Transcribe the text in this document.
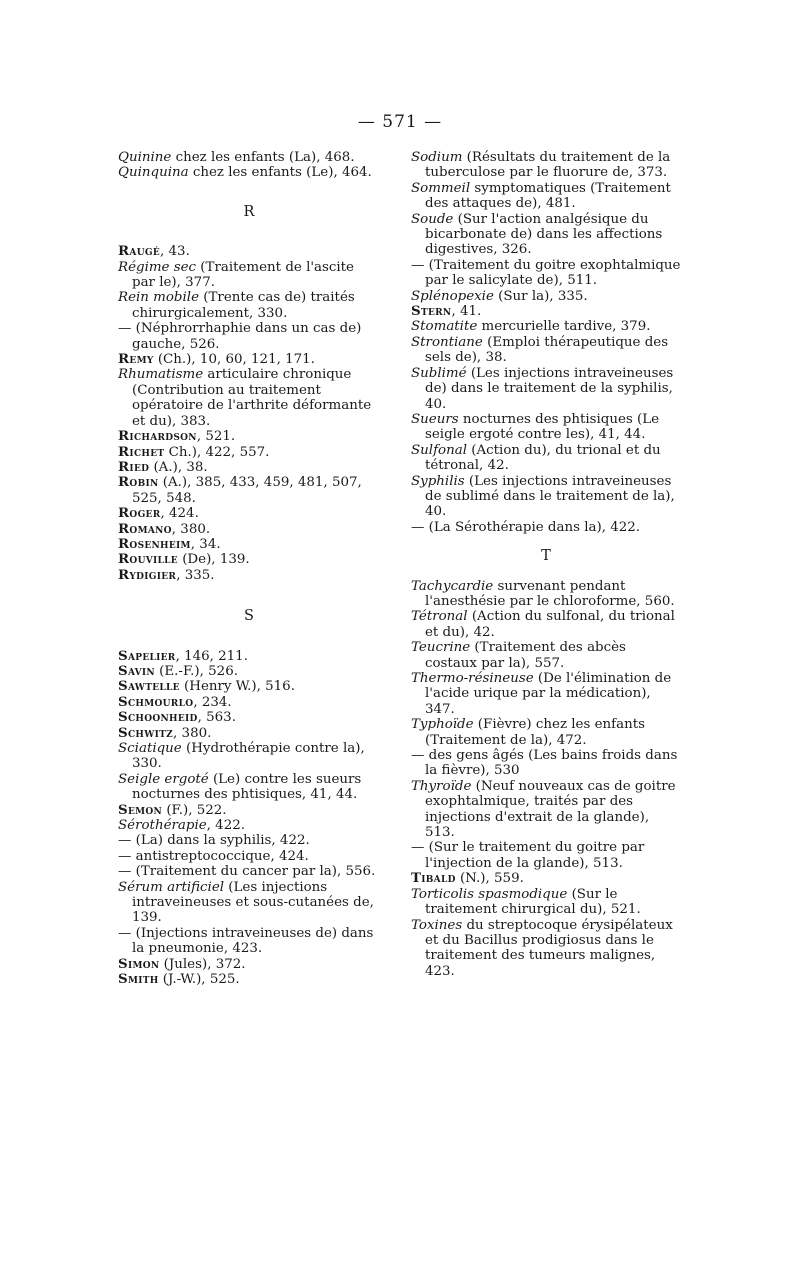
— 571 —

Quinine chez les enfants (La), 468.

Quinquina chez les enfants (Le), 464.

R

Raugé, 43.

Régime sec (Traitement de l'ascite par le), 377.

Rein mobile (Trente cas de) traités chirurgicalement, 330.

— (Néphrorrhaphie dans un cas de) gauche, 526.

Remy (Ch.), 10, 60, 121, 171.

Rhumatisme articulaire chronique (Contribution au traitement opératoire de l'arthrite déformante et du), 383.

Richardson, 521.

Richet Ch.), 422, 557.

Ried (A.), 38.

Robin (A.), 385, 433, 459, 481, 507, 525, 548.

Roger, 424.

Romano, 380.

Rosenheim, 34.

Rouville (De), 139.

Rydigier, 335.

S

Sapelier, 146, 211.

Savin (E.-F.), 526.

Sawtelle (Henry W.), 516.

Schmourlo, 234.

Schoonheid, 563.

Schwitz, 380.

Sciatique (Hydrothérapie contre la), 330.

Seigle ergoté (Le) contre les sueurs nocturnes des phtisiques, 41, 44.

Semon (F.), 522.

Sérothérapie, 422.

— (La) dans la syphilis, 422.

— antistreptococcique, 424.

— (Traitement du cancer par la), 556.

Sérum artificiel (Les injections intraveineuses et sous-cutanées de, 139.

— (Injections intraveineuses de) dans la pneumonie, 423.

Simon (Jules), 372.

Smith (J.-W.), 525.

Sodium (Résultats du traitement de la tuberculose par le fluorure de, 373.

Sommeil symptomatiques (Traitement des attaques de), 481.

Soude (Sur l'action analgésique du bicarbonate de) dans les affections digestives, 326.

— (Traitement du goitre exophtalmique par le salicylate de), 511.

Splénopexie (Sur la), 335.

Stern, 41.

Stomatite mercurielle tardive, 379.

Strontiane (Emploi thérapeutique des sels de), 38.

Sublimé (Les injections intraveineuses de) dans le traitement de la syphilis, 40.

Sueurs nocturnes des phtisiques (Le seigle ergoté contre les), 41, 44.

Sulfonal (Action du), du trional et du tétronal, 42.

Syphilis (Les injections intraveineuses de sublimé dans le traitement de la), 40.

— (La Sérothérapie dans la), 422.

T

Tachycardie survenant pendant l'anesthésie par le chloroforme, 560.

Tétronal (Action du sulfonal, du trional et du), 42.

Teucrine (Traitement des abcès costaux par la), 557.

Thermo-résineuse (De l'élimination de l'acide urique par la médication), 347.

Typhoïde (Fièvre) chez les enfants (Traitement de la), 472.

— des gens âgés (Les bains froids dans la fièvre), 530

Thyroïde (Neuf nouveaux cas de goitre exophtalmique, traités par des injections d'extrait de la glande), 513.

— (Sur le traitement du goitre par l'injection de la glande), 513.

Tibald (N.), 559.

Torticolis spasmodique (Sur le traitement chirurgical du), 521.

Toxines du streptocoque érysipélateux et du Bacillus prodigiosus dans le traitement des tumeurs malignes, 423.
